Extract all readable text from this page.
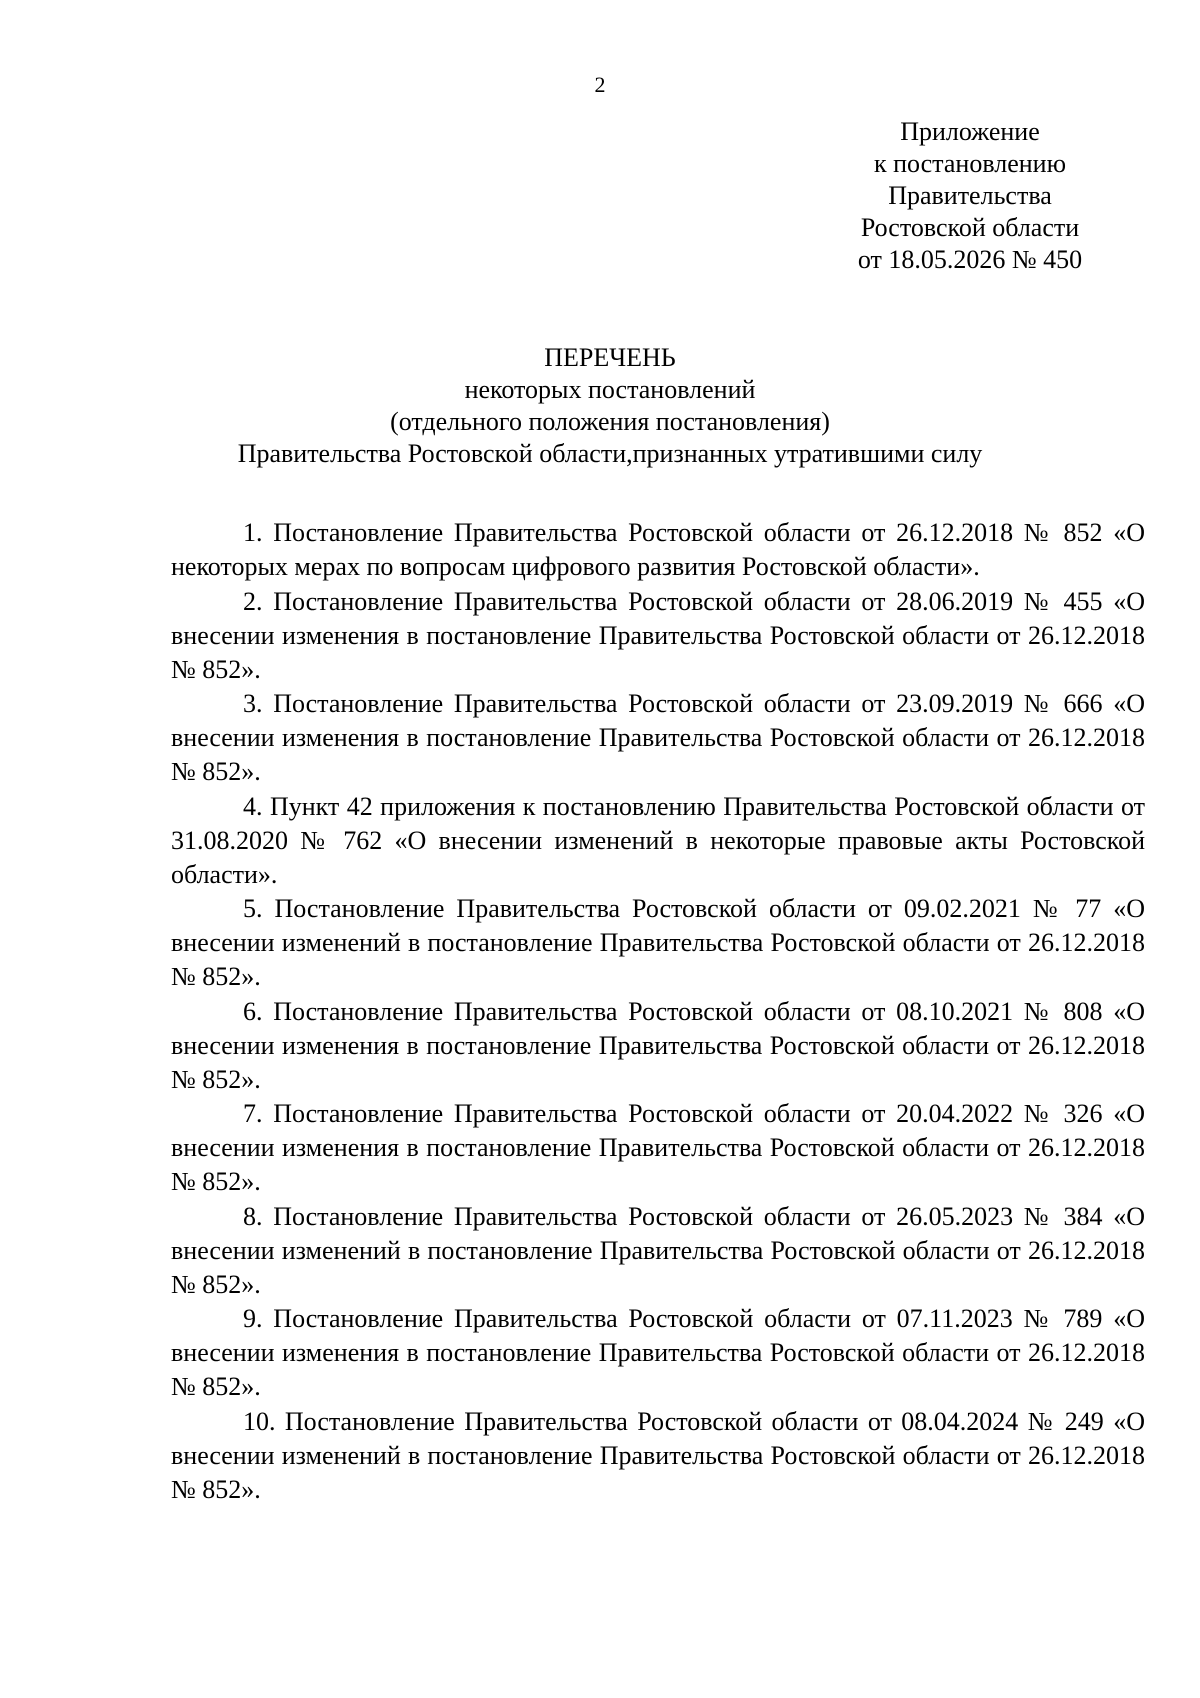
2
Приложение
к постановлению
Правительства
Ростовской области
от 18.05.2026 № 450
ПЕРЕЧЕНЬ
некоторых постановлений
(отдельного положения постановления)
Правительства Ростовской области,признанных утратившими силу

1. Постановление Правительства Ростовской области от 26.12.2018 № 852 «О некоторых мерах по вопросам цифрового развития Ростовской области».

2. Постановление Правительства Ростовской области от 28.06.2019 № 455 «О внесении изменения в постановление Правительства Ростовской области от 26.12.2018 № 852».

3. Постановление Правительства Ростовской области от 23.09.2019 № 666 «О внесении изменения в постановление Правительства Ростовской области от 26.12.2018 № 852».

4. Пункт 42 приложения к постановлению Правительства Ростовской области от 31.08.2020 № 762 «О внесении изменений в некоторые правовые акты Ростовской области».

5. Постановление Правительства Ростовской области от 09.02.2021 № 77 «О внесении изменений в постановление Правительства Ростовской области от 26.12.2018 № 852».

6. Постановление Правительства Ростовской области от 08.10.2021 № 808 «О внесении изменения в постановление Правительства Ростовской области от 26.12.2018 № 852».

7. Постановление Правительства Ростовской области от 20.04.2022 № 326 «О внесении изменения в постановление Правительства Ростовской области от 26.12.2018 № 852».

8. Постановление Правительства Ростовской области от 26.05.2023 № 384 «О внесении изменений в постановление Правительства Ростовской области от 26.12.2018 № 852».

9. Постановление Правительства Ростовской области от 07.11.2023 № 789 «О внесении изменения в постановление Правительства Ростовской области от 26.12.2018 № 852».

10. Постановление Правительства Ростовской области от 08.04.2024 № 249 «О внесении изменений в постановление Правительства Ростовской области от 26.12.2018 № 852».
